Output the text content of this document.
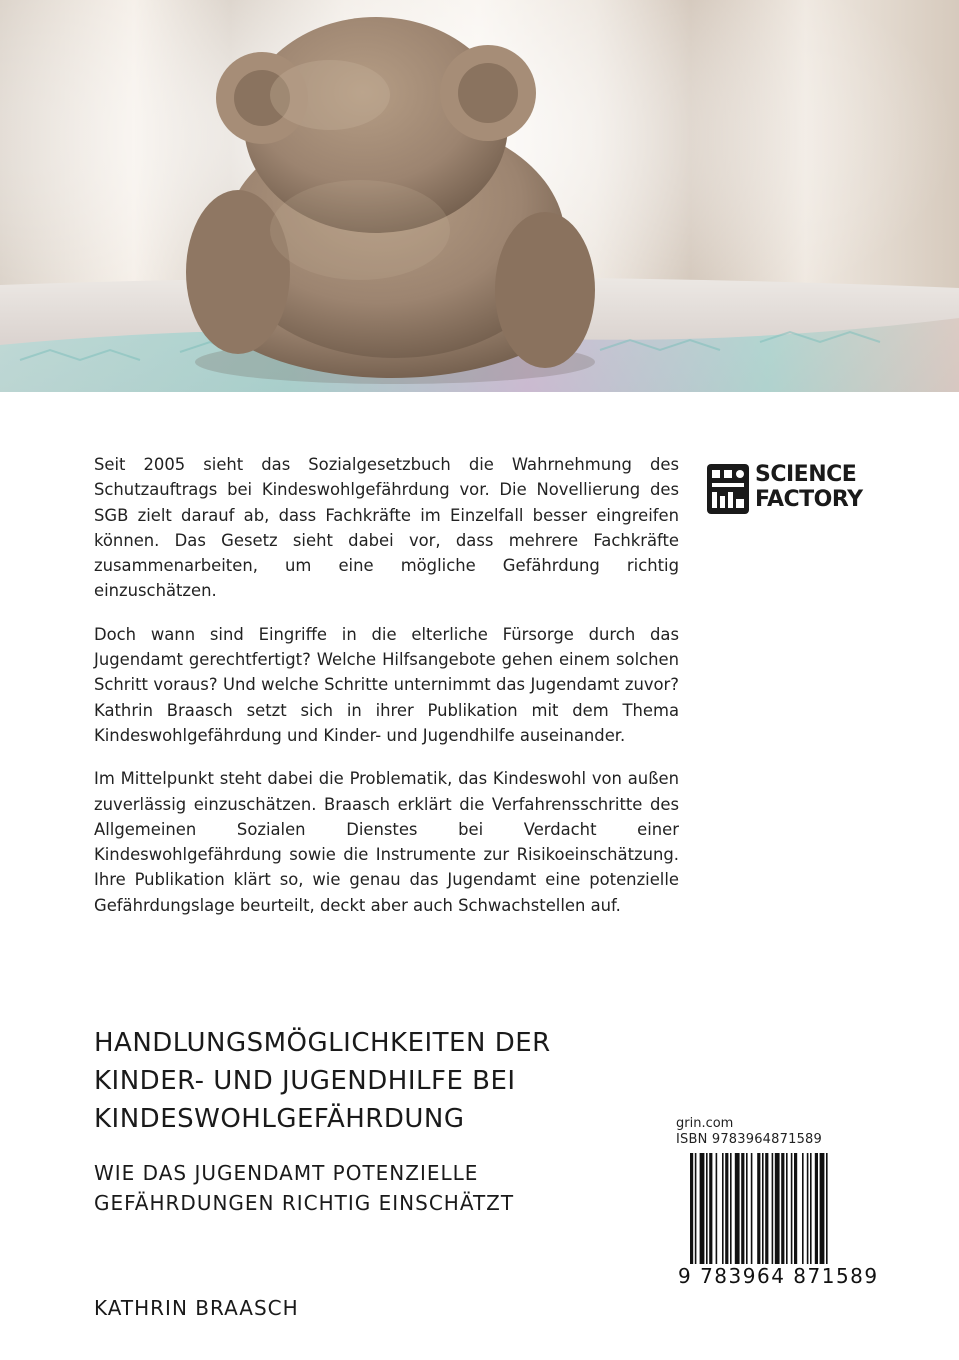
Seit 2005 sieht das Sozialgesetzbuch die Wahrnehmung des Schutzauftrags bei Kindeswohlgefährdung vor. Die Novellierung des SGB zielt darauf ab, dass Fachkräfte im Einzelfall besser eingreifen können. Das Gesetz sieht dabei vor, dass mehrere Fachkräfte zusammenarbeiten, um eine mögliche Gefährdung richtig einzuschätzen.

Doch wann sind Eingriffe in die elterliche Fürsorge durch das Jugendamt gerechtfertigt? Welche Hilfsangebote gehen einem solchen Schritt voraus? Und welche Schritte unternimmt das Jugendamt zuvor? Kathrin Braasch setzt sich in ihrer Publikation mit dem Thema Kindeswohlgefährdung und Kinder- und Jugendhilfe auseinander.

Im Mittelpunkt steht dabei die Problematik, das Kindeswohl von außen zuverlässig einzuschätzen. Braasch erklärt die Verfahrensschritte des Allgemeinen Sozialen Dienstes bei Verdacht einer Kindeswohlgefährdung sowie die Instrumente zur Risikoeinschätzung. Ihre Publikation klärt so, wie genau das Jugendamt eine potenzielle Gefährdungslage beurteilt, deckt aber auch Schwachstellen auf.

SCIENCE
FACTORY
HANDLUNGSMÖGLICHKEITEN DER
KINDER- UND JUGENDHILFE BEI
KINDESWOHLGEFÄHRDUNG
WIE DAS JUGENDAMT POTENZIELLE
GEFÄHRDUNGEN RICHTIG EINSCHÄTZT
KATHRIN BRAASCH
grin.com
ISBN 9783964871589
9 783964 871589
